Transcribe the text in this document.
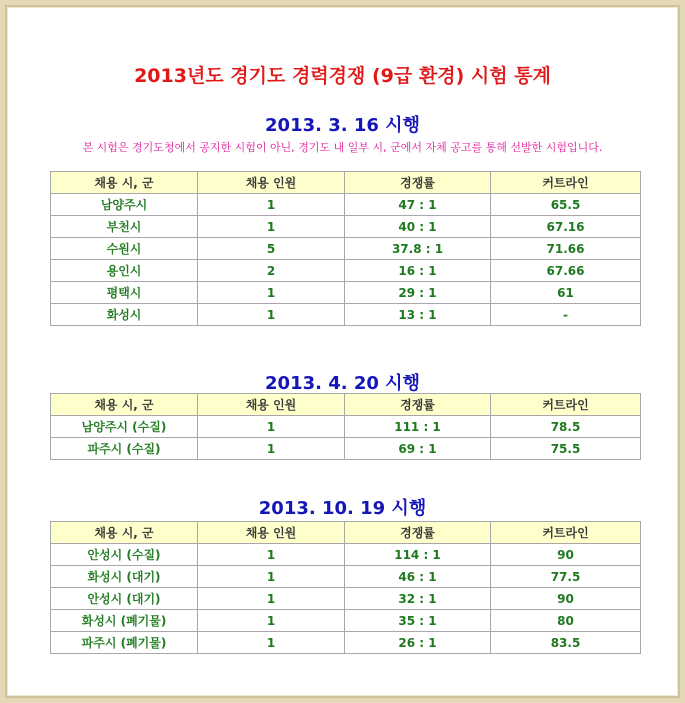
2013년도 경기도 경력경쟁 (9급 환경) 시험 통계
2013. 3. 16 시행
본 시험은 경기도청에서 공지한 시험이 아닌, 경기도 내 일부 시, 군에서 자체 공고를 통해 선발한 시험입니다.
채용 시, 군	채용 인원	경쟁률	커트라인
남양주시	1	47 : 1	65.5
부천시	1	40 : 1	67.16
수원시	5	37.8 : 1	71.66
용인시	2	16 : 1	67.66
평택시	1	29 : 1	61
화성시	1	13 : 1	-
2013. 4. 20 시행
채용 시, 군	채용 인원	경쟁률	커트라인
남양주시 (수질)	1	111 : 1	78.5
파주시 (수질)	1	69 : 1	75.5
2013. 10. 19 시행
채용 시, 군	채용 인원	경쟁률	커트라인
안성시 (수질)	1	114 : 1	90
화성시 (대기)	1	46 : 1	77.5
안성시 (대기)	1	32 : 1	90
화성시 (폐기물)	1	35 : 1	80
파주시 (폐기물)	1	26 : 1	83.5
